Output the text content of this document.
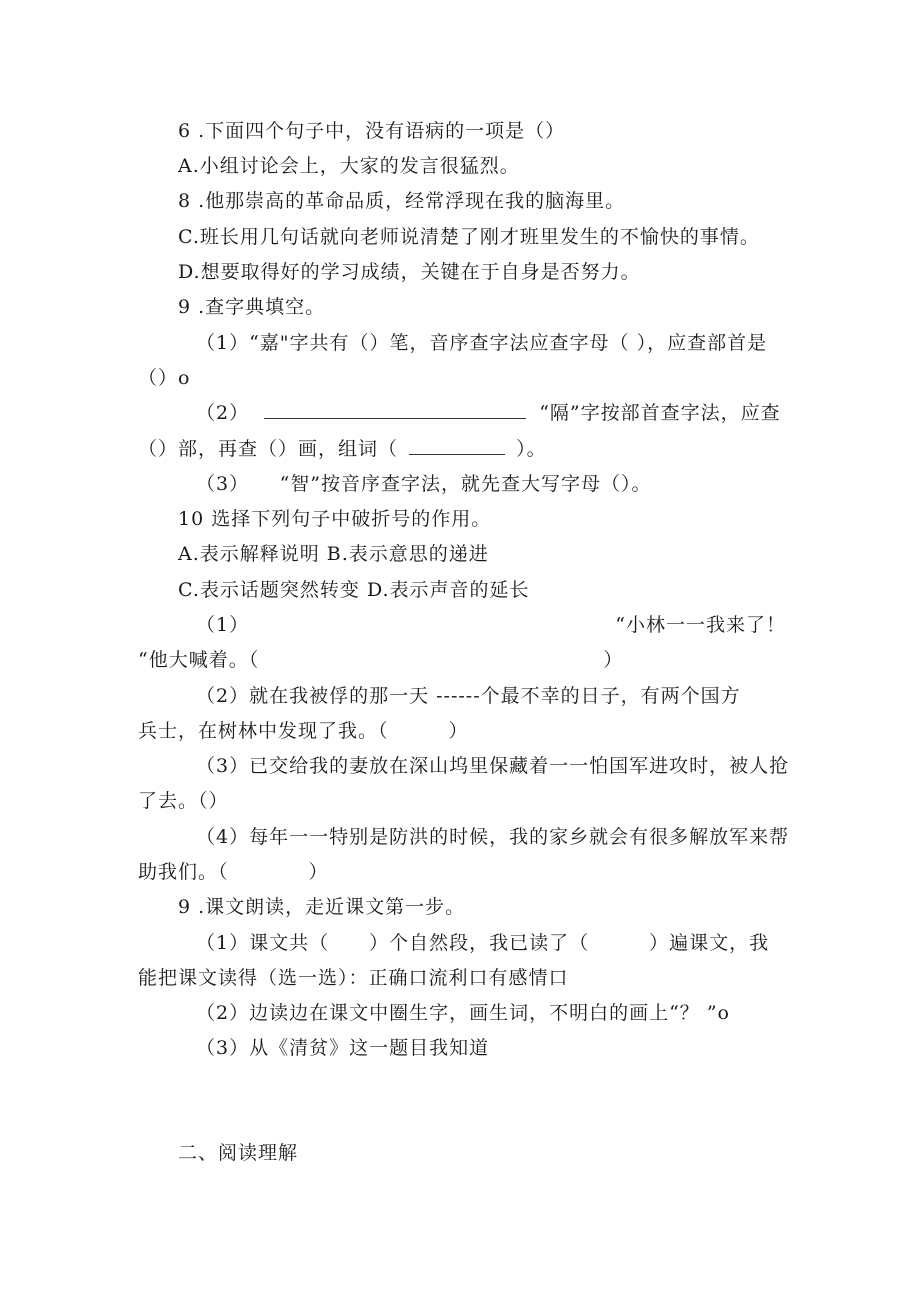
6 .下面四个句子中，没有语病的一项是（）
A.小组讨论会上，大家的发言很猛烈。
8 .他那崇高的革命品质，经常浮现在我的脑海里。
C.班长用几句话就向老师说清楚了刚才班里发生的不愉快的事情。
D.想要取得好的学习成绩，关键在于自身是否努力。
9 .查字典填空。
（1）“嘉"字共有（）笔，音序查字法应查字母（ ），应查部首是
（）o
（2）	“隔”字按部首查字法，应查
（）部，再查（）画，组词（	）。
（3）　　“智”按音序查字法，就先查大写字母（）。
10 选择下列句子中破折号的作用。
A.表示解释说明 B.表示意思的递进
C.表示话题突然转变 D.表示声音的延长
（1）	“小林一一我来了！
“他大喊着。（	）
（2）就在我被俘的那一天 ------个最不幸的日子，有两个国方
兵士，在树林中发现了我。（　　　）
（3）已交给我的妻放在深山坞里保藏着一一怕国军进攻时，被人抢
了去。（）
（4）每年一一特别是防洪的时候，我的家乡就会有很多解放军来帮
助我们。（　　　　）
9 .课文朗读，走近课文第一步。
（1）课文共（　　）个自然段，我已读了（　　　）遍课文，我
能把课文读得（选一选）：正确口流利口有感情口
（2）边读边在课文中圈生字，画生词，不明白的画上“？ ”o
（3）从《清贫》这一题目我知道
二、阅读理解
